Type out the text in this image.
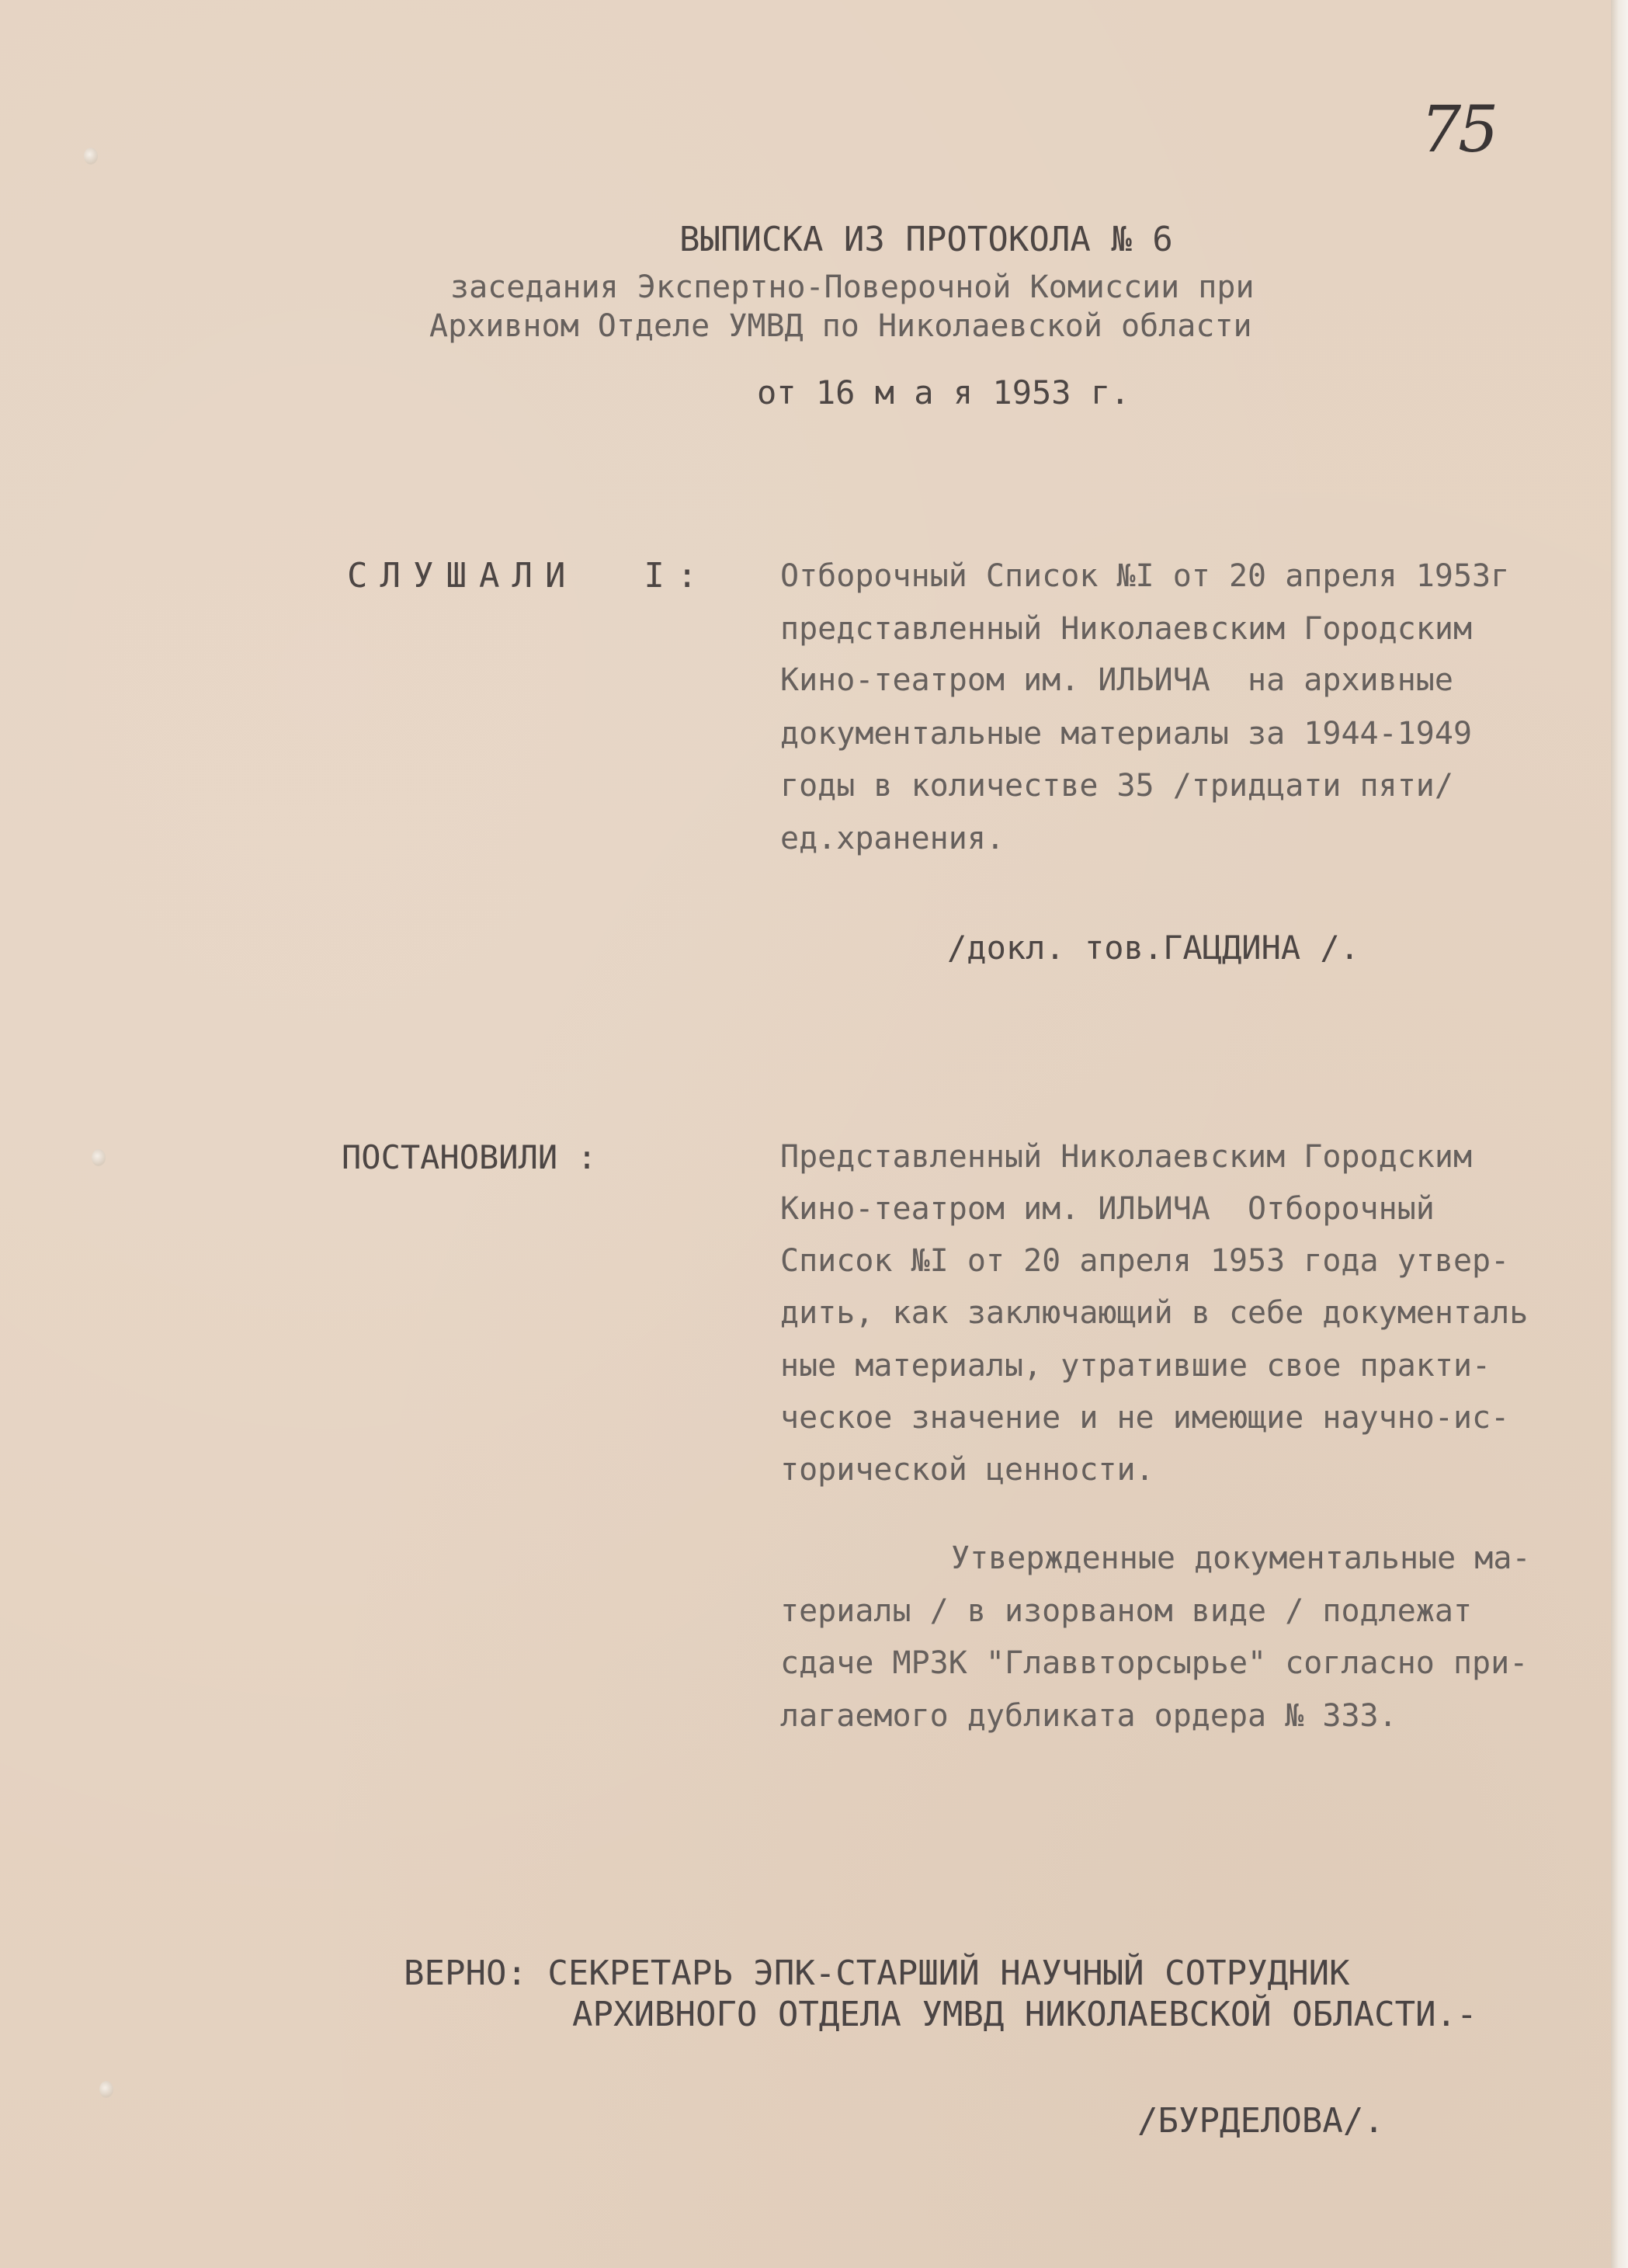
75
ВЫПИСКА ИЗ ПРОТОКОЛА № 6
заседания Экспертно-Поверочной Комиссии при
Архивном Отделе УМВД по Николаевской области
от 16 м а я 1953 г.
СЛУШАЛИ  I: Отборочный Список №I от 20 апреля 1953г
представленный Николаевским Городским
Кино-театром им. ИЛЬИЧА  на архивные
документальные материалы за 1944-1949
годы в количестве 35 /тридцати пяти/
ед.хранения.
/докл. тов.ГАЦДИНА /.
ПОСТАНОВИЛИ :	Представленный Николаевским Городским
Кино-театром им. ИЛЬИЧА  Отборочный
Список №I от 20 апреля 1953 года утвер-
дить, как заключающий в себе документаль
ные материалы, утратившие свое практи-
ческое значение и не имеющие научно-ис-
торической ценности.
Утвержденные документальные ма-
териалы / в изорваном виде / подлежат
сдаче МРЗК "Главвторсырье" согласно при-
лагаемого дубликата ордера № 333.
ВЕРНО: СЕКРЕТАРЬ ЭПК-СТАРШИЙ НАУЧНЫЙ СОТРУДНИК
АРХИВНОГО ОТДЕЛА УМВД НИКОЛАЕВСКОЙ ОБЛАСТИ.-
/БУРДЕЛОВА/.
